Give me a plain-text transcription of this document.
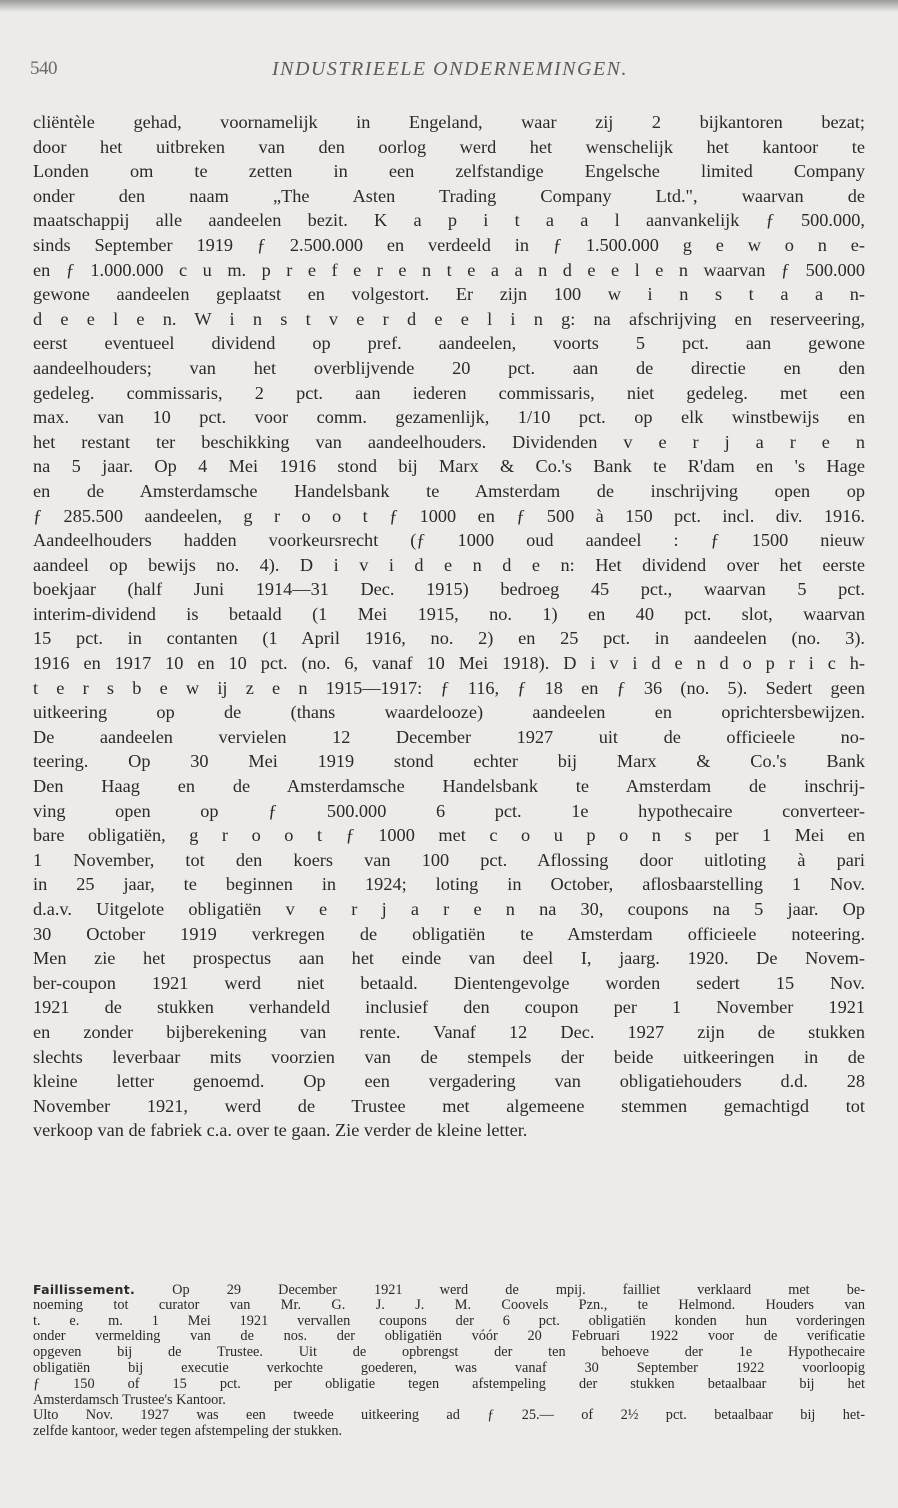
540	INDUSTRIEELE ONDERNEMINGEN.
cliëntèle gehad, voornamelijk in Engeland, waar zij 2 bijkantoren bezat;
door het uitbreken van den oorlog werd het wenschelijk het kantoor te
Londen om te zetten in een zelfstandige Engelsche limited Company
onder den naam „The Asten Trading Company Ltd.", waarvan de
maatschappij alle aandeelen bezit. K a p i t a a l aanvankelijk ƒ 500.000,
sinds September 1919 ƒ 2.500.000 en verdeeld in ƒ 1.500.000 g e w o n e-
en ƒ 1.000.000 c u m. p r e f e r e n t e a a n d e e l e n waarvan ƒ 500.000
gewone aandeelen geplaatst en volgestort. Er zijn 100 w i n s t a a n-
d e e l e n. W i n s t v e r d e e l i n g: na afschrijving en reserveering,
eerst eventueel dividend op pref. aandeelen, voorts 5 pct. aan gewone
aandeelhouders; van het overblijvende 20 pct. aan de directie en den
gedeleg. commissaris, 2 pct. aan iederen commissaris, niet gedeleg. met een
max. van 10 pct. voor comm. gezamenlijk, 1/10 pct. op elk winstbewijs en
het restant ter beschikking van aandeelhouders. Dividenden v e r j a r e n
na 5 jaar. Op 4 Mei 1916 stond bij Marx & Co.'s Bank te R'dam en 's Hage
en de Amsterdamsche Handelsbank te Amsterdam de inschrijving open op
ƒ 285.500 aandeelen, g r o o t ƒ 1000 en ƒ 500 à 150 pct. incl. div. 1916.
Aandeelhouders hadden voorkeursrecht (ƒ 1000 oud aandeel : ƒ 1500 nieuw
aandeel op bewijs no. 4). D i v i d e n d e n: Het dividend over het eerste
boekjaar (half Juni 1914—31 Dec. 1915) bedroeg 45 pct., waarvan 5 pct.
interim-dividend is betaald (1 Mei 1915, no. 1) en 40 pct. slot, waarvan
15 pct. in contanten (1 April 1916, no. 2) en 25 pct. in aandeelen (no. 3).
1916 en 1917 10 en 10 pct. (no. 6, vanaf 10 Mei 1918). D i v i d e n d o p r i c h-
t e r s b e w ij z e n 1915—1917: ƒ 116, ƒ 18 en ƒ 36 (no. 5). Sedert geen
uitkeering op de (thans waardelooze) aandeelen en oprichtersbewijzen.
De aandeelen vervielen 12 December 1927 uit de officieele no-
teering. Op 30 Mei 1919 stond echter bij Marx & Co.'s Bank
Den Haag en de Amsterdamsche Handelsbank te Amsterdam de inschrij-
ving open op ƒ 500.000 6 pct. 1e hypothecaire converteer-
bare obligatiën, g r o o t ƒ 1000 met c o u p o n s per 1 Mei en
1 November, tot den koers van 100 pct. Aflossing door uitloting à pari
in 25 jaar, te beginnen in 1924; loting in October, aflosbaarstelling 1 Nov.
d.a.v. Uitgelote obligatiën v e r j a r e n na 30, coupons na 5 jaar. Op
30 October 1919 verkregen de obligatiën te Amsterdam officieele noteering.
Men zie het prospectus aan het einde van deel I, jaarg. 1920. De Novem-
ber-coupon 1921 werd niet betaald. Dientengevolge worden sedert 15 Nov.
1921 de stukken verhandeld inclusief den coupon per 1 November 1921
en zonder bijberekening van rente. Vanaf 12 Dec. 1927 zijn de stukken
slechts leverbaar mits voorzien van de stempels der beide uitkeeringen in de
kleine letter genoemd. Op een vergadering van obligatiehouders d.d. 28
November 1921, werd de Trustee met algemeene stemmen gemachtigd tot
verkoop van de fabriek c.a. over te gaan. Zie verder de kleine letter.
Faillissement.	Op 29 December 1921 werd de mpij. failliet verklaard met be-
noeming tot curator van Mr. G. J. J. M. Coovels Pzn., te Helmond. Houders van
t. e. m. 1 Mei 1921 vervallen coupons der 6 pct. obligatiën konden hun vorderingen
onder vermelding van de nos. der obligatiën vóór 20 Februari 1922 voor de verificatie
opgeven bij de Trustee. Uit de opbrengst der ten behoeve der 1e Hypothecaire
obligatiën bij executie verkochte goederen, was vanaf 30 September 1922 voorloopig
ƒ 150 of 15 pct. per obligatie tegen afstempeling der stukken betaalbaar bij het
Amsterdamsch Trustee's Kantoor.
Ulto Nov. 1927 was een tweede uitkeering ad ƒ 25.— of 2½ pct. betaalbaar bij het-
zelfde kantoor, weder tegen afstempeling der stukken.
